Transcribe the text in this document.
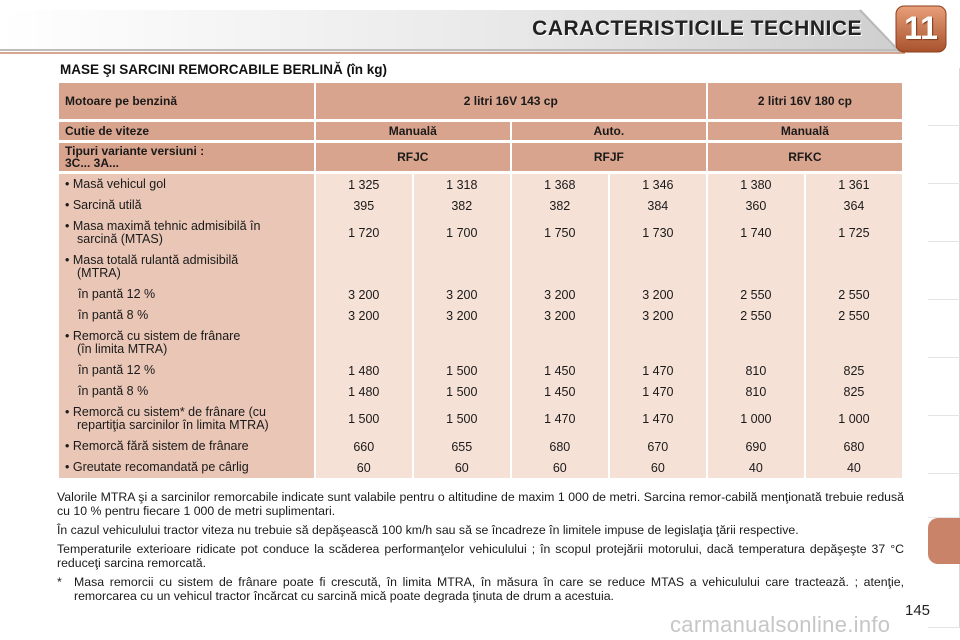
CARACTERISTICILE TECHNICE 11
MASE ŞI SARCINI REMORCABILE BERLINĂ (în kg)
Motoare pe benzină	2 litri 16V 143 cp				2 litri 16V 180 cp	

Cutie de viteze	Manuală		Auto.		Manuală	

Tipuri variante versiuni :
3C... 3A...	RFJC		RFJF		RFKC	

• Masă vehicul gol	1 325	1 318	1 368	1 346	1 380	1 361
• Sarcină utilă	395	382	382	384	360	364
• Masa maximă tehnic admisibilă în
sarcină (MTAS)	1 720	1 700	1 750	1 730	1 740	1 725
• Masa totală rulantă admisibilă
(MTRA)						

în pantă 12 %	3 200	3 200	3 200	3 200	2 550	2 550
în pantă 8 %	3 200	3 200	3 200	3 200	2 550	2 550
• Remorcă cu sistem de frânare
(în limita MTRA)						

în pantă 12 %	1 480	1 500	1 450	1 470	810	825
în pantă 8 %	1 480	1 500	1 450	1 470	810	825
• Remorcă cu sistem* de frânare (cu
repartiţia sarcinilor în limita MTRA)	1 500	1 500	1 470	1 470	1 000	1 000
• Remorcă fără sistem de frânare	660	655	680	670	690	680
• Greutate recomandată pe cârlig	60	60	60	60	40	40

Valorile MTRA şi a sarcinilor remorcabile indicate sunt valabile pentru o altitudine de maxim 1 000 de metri. Sarcina remor-cabilă menţionată trebuie redusă cu 10 % pentru fiecare 1 000 de metri suplimentari.

În cazul vehiculului tractor viteza nu trebuie să depăşească 100 km/h sau să se încadreze în limitele impuse de legislaţia ţării respective.

Temperaturile exterioare ridicate pot conduce la scăderea performanţelor vehiculului ; în scopul protejării motorului, dacă temperatura depăşeşte 37 °C reduceţi sarcina remorcată.

* Masa remorcii cu sistem de frânare poate fi crescută, în limita MTRA, în măsura în care se reduce MTAS a vehiculului care tractează. ; atenţie, remorcarea cu un vehicul tractor încărcat cu sarcină mică poate degrada ţinuta de drum a acestuia.
145
carmanualsonline.info
